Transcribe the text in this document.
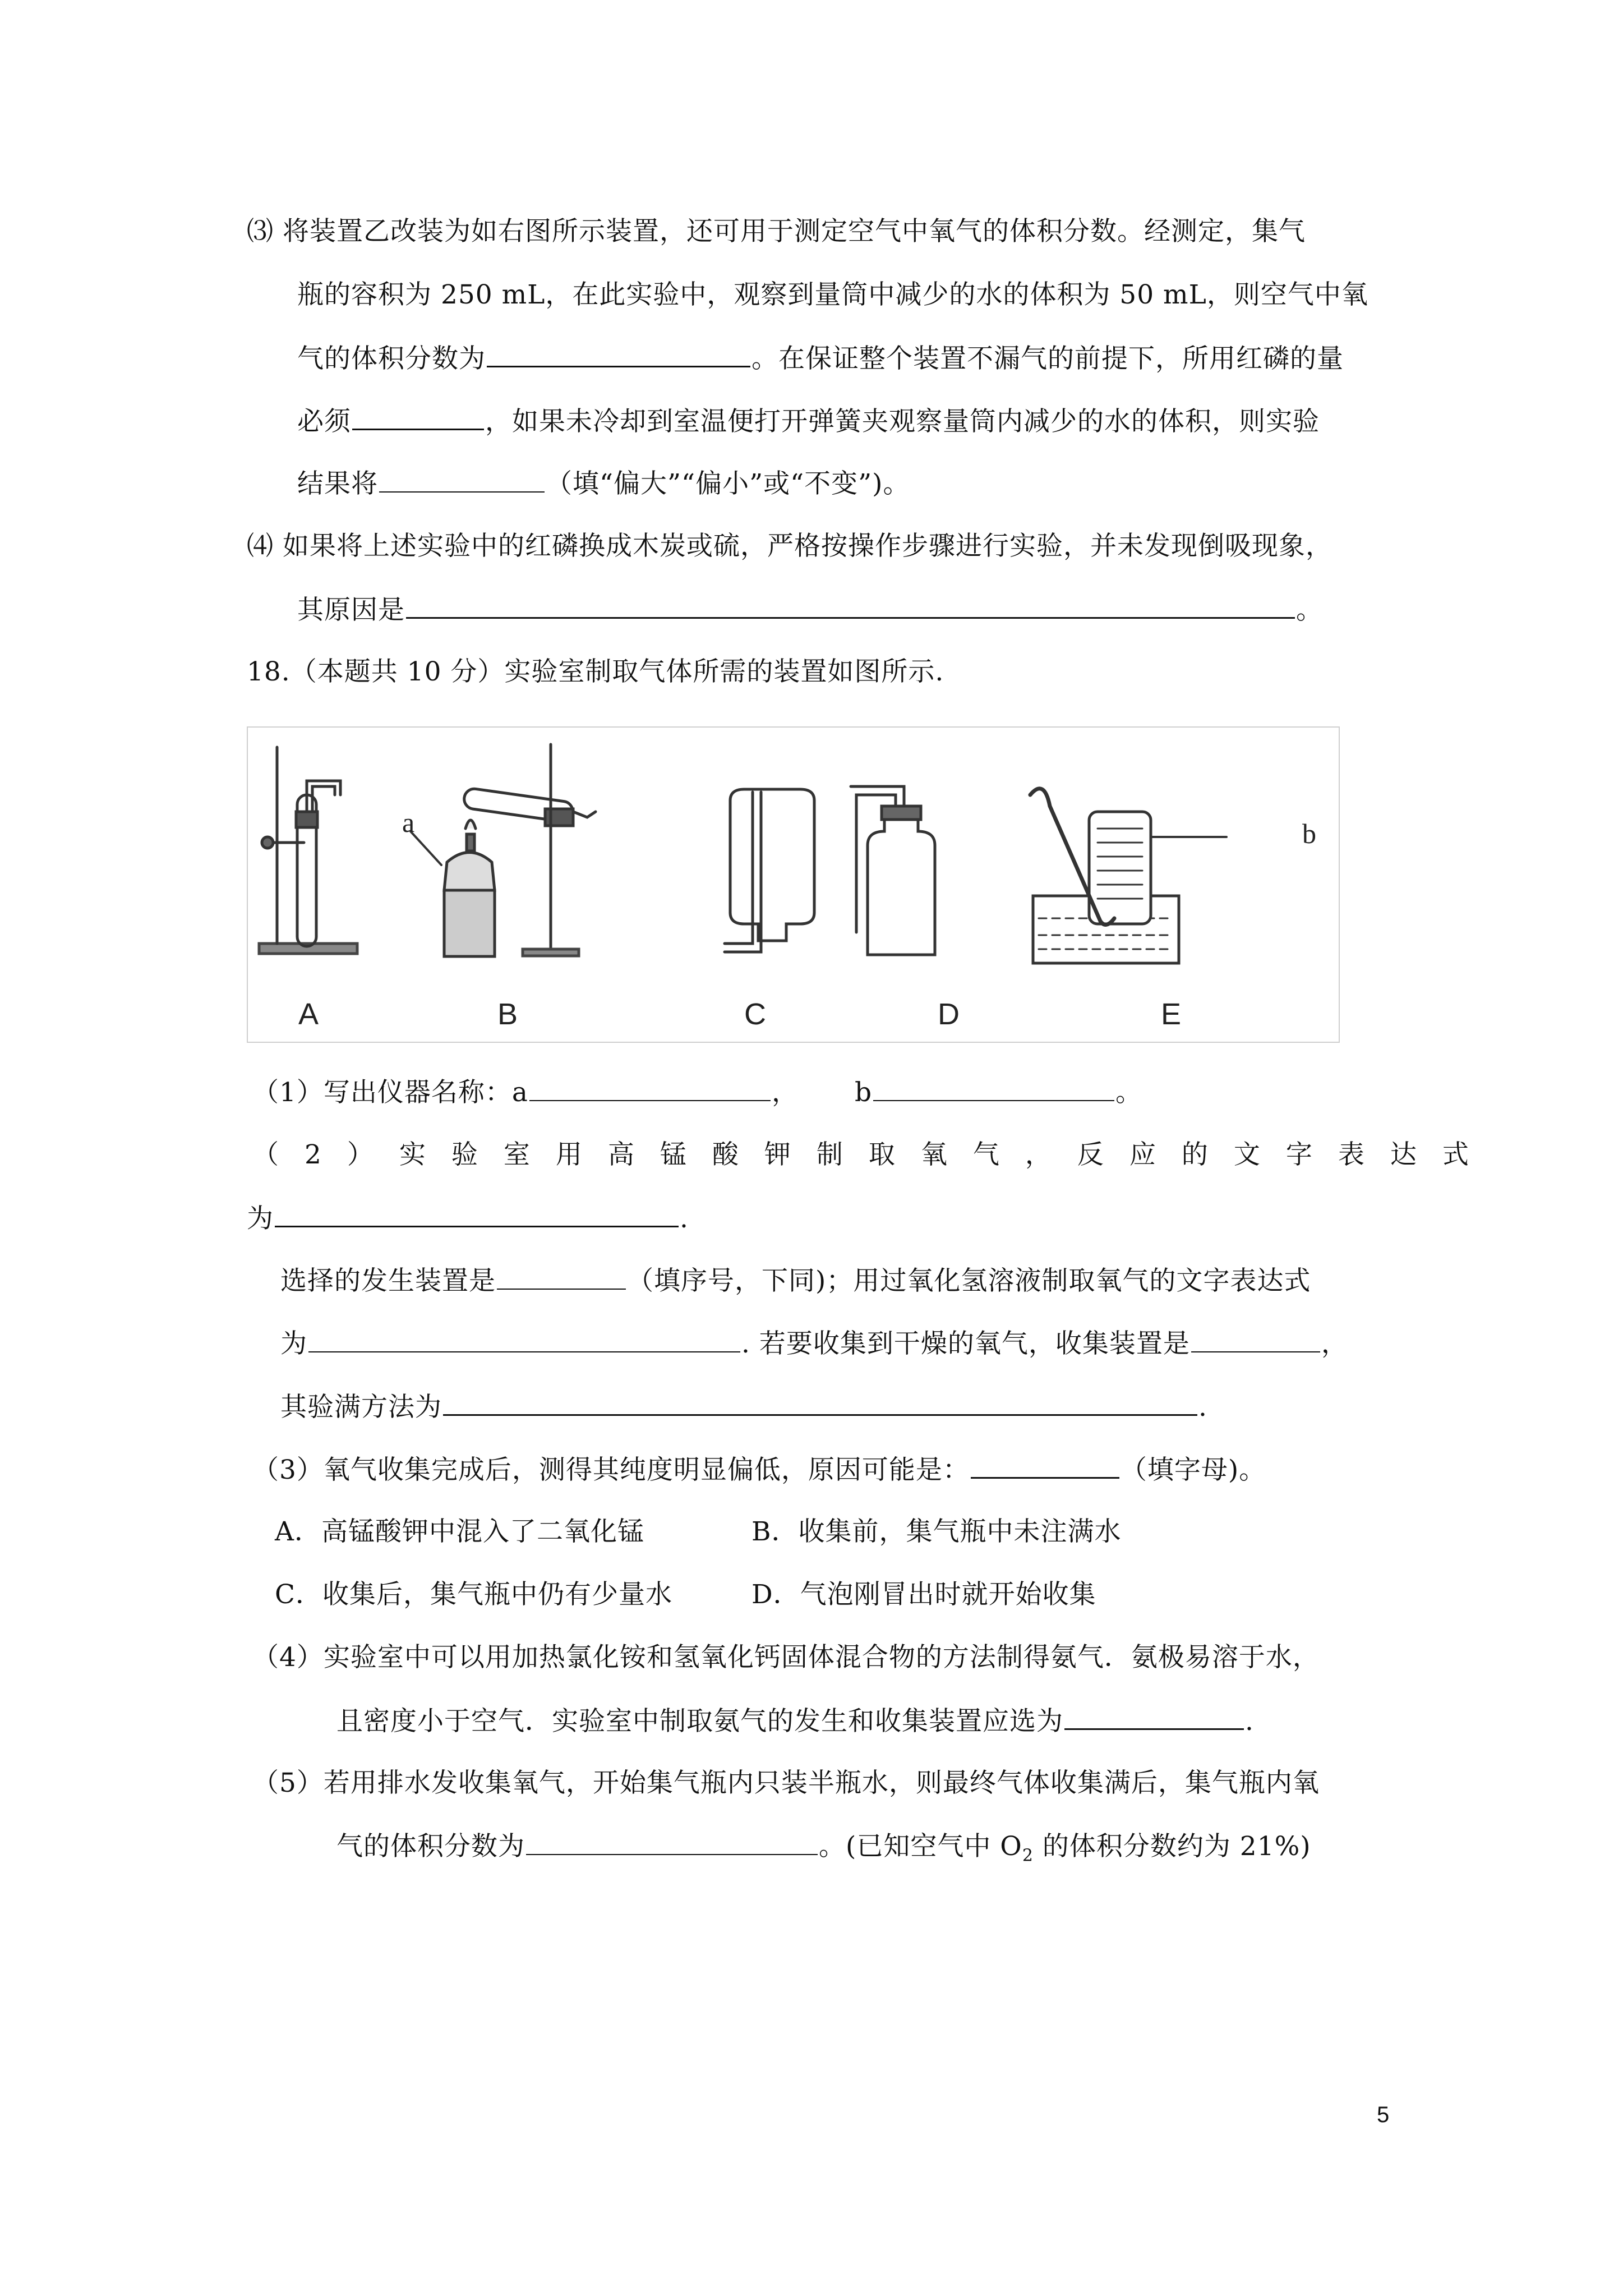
⑶ 将装置乙改装为如右图所示装置，还可用于测定空气中氧气的体积分数。经测定，集气
瓶的容积为 250 mL，在此实验中，观察到量筒中减少的水的体积为 50 mL，则空气中氧
气的体积分数为	。在保证整个装置不漏气的前提下，所用红磷的量
必须	，如果未冷却到室温便打开弹簧夹观察量筒内减少的水的体积，则实验
结果将	（填“偏大”“偏小”或“不变”)。
⑷ 如果将上述实验中的红磷换成木炭或硫，严格按操作步骤进行实验，并未发现倒吸现象，
其原因是	。
18.（本题共 10 分）实验室制取气体所需的装置如图所示.
a	b
A	B	C	D	E
（1）写出仪器名称：a	， b	。
（2）实验室用高锰酸钾制取氧气，反应的文字表达式
为	.
选择的发生装置是	（填序号，下同)；用过氧化氢溶液制取氧气的文字表达式
为	. 若要收集到干燥的氧气，收集装置是	，
其验满方法为	.
（3）氧气收集完成后，测得其纯度明显偏低，原因可能是：	（填字母)。
A．高锰酸钾中混入了二氧化锰	B．收集前，集气瓶中未注满水
C．收集后，集气瓶中仍有少量水	D．气泡刚冒出时就开始收集
（4）实验室中可以用加热氯化铵和氢氧化钙固体混合物的方法制得氨气．氨极易溶于水，
且密度小于空气．实验室中制取氨气的发生和收集装置应选为	.
（5）若用排水发收集氧气，开始集气瓶内只装半瓶水，则最终气体收集满后，集气瓶内氧
气的体积分数为	。(已知空气中 $O_2$ 的体积分数约为 21%)
5
